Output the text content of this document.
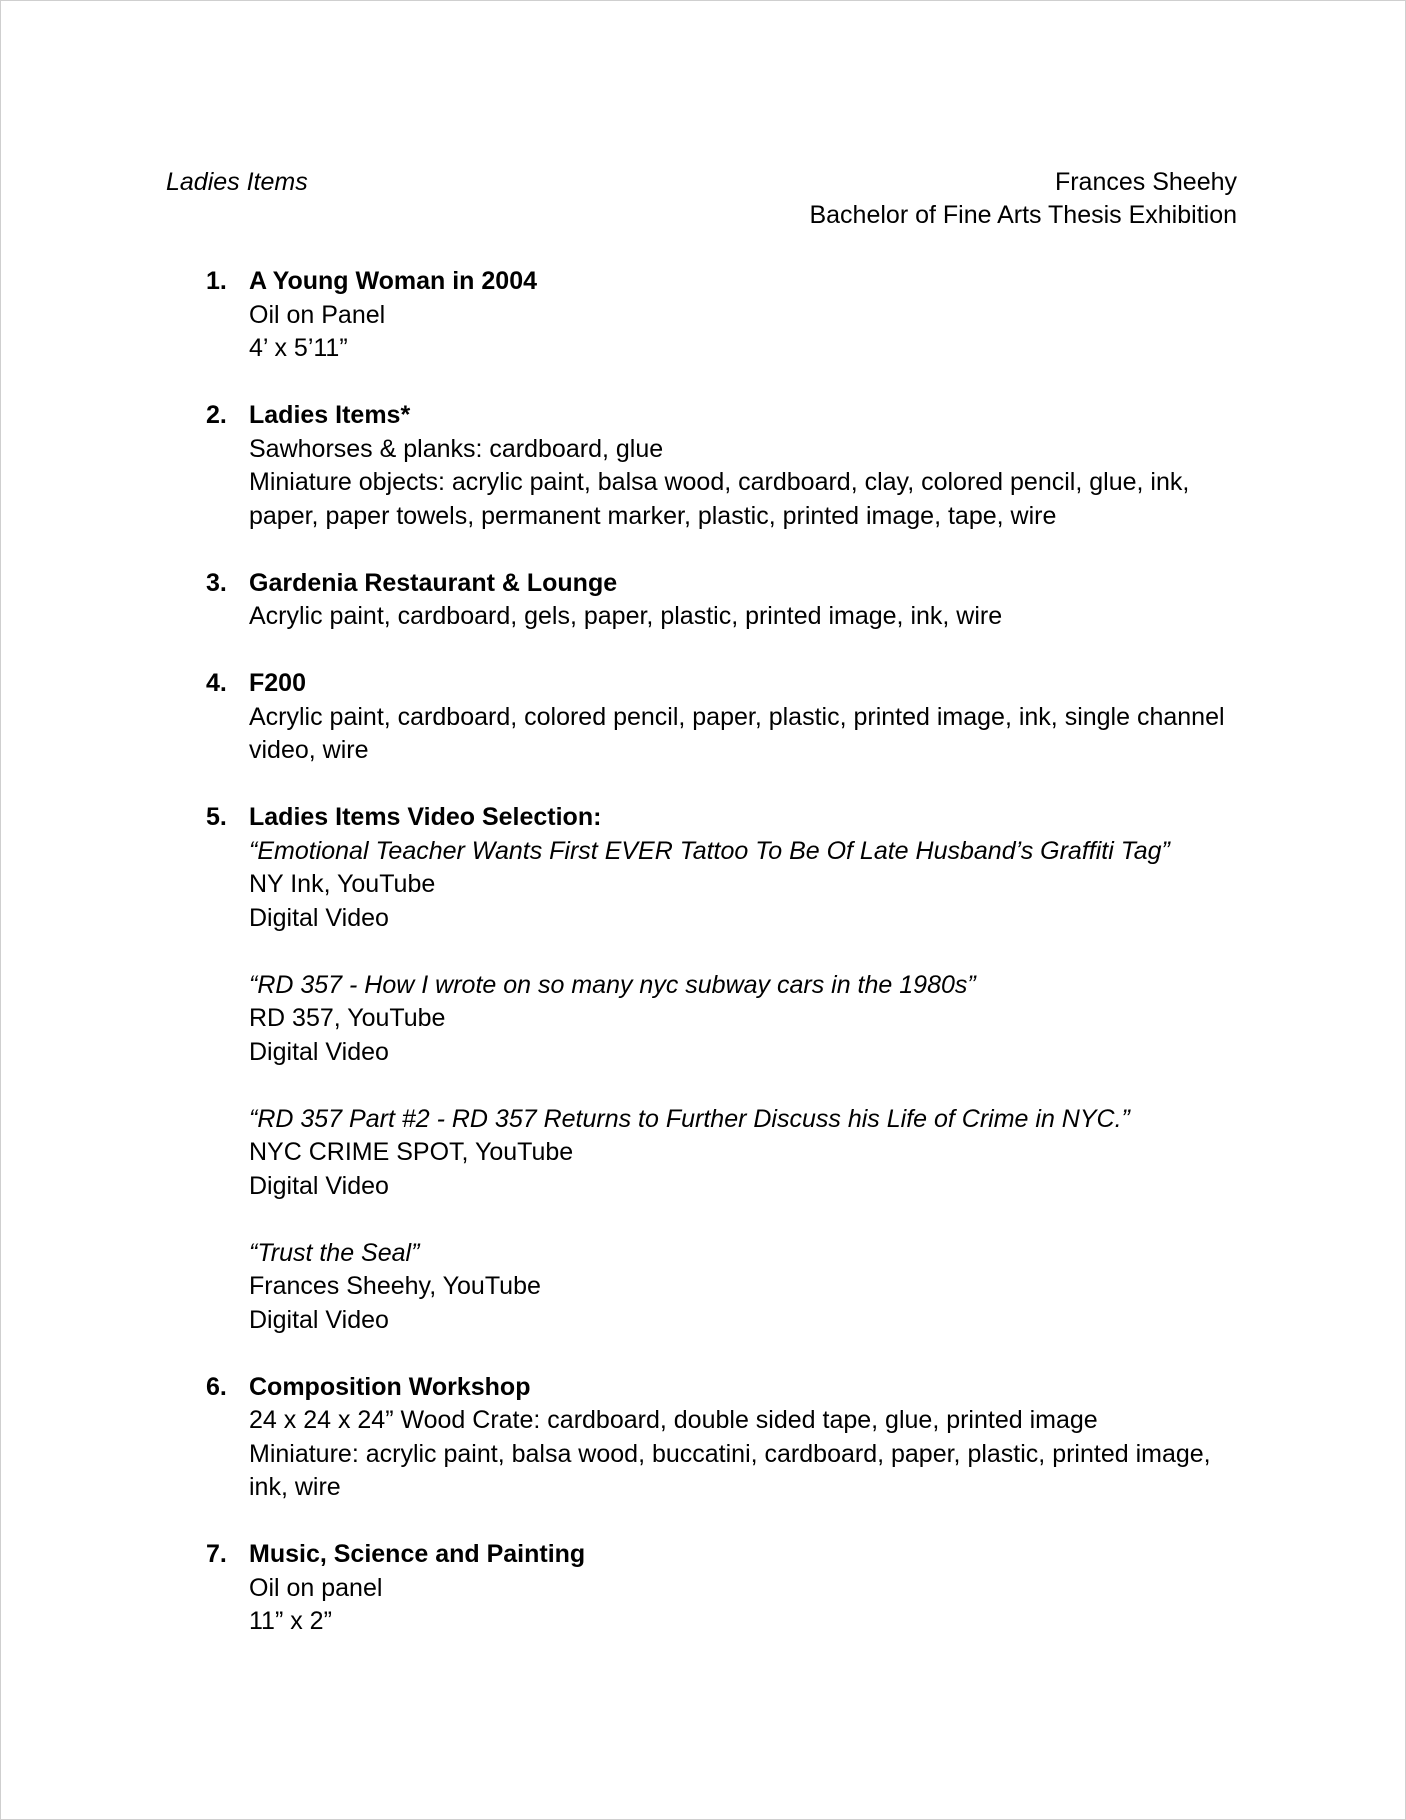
Ladies Items	Frances Sheehy
Bachelor of Fine Arts Thesis Exhibition
1. A Young Woman in 2004
Oil on Panel
4’ x 5’11”
2. Ladies Items*
Sawhorses & planks: cardboard, glue
Miniature objects: acrylic paint, balsa wood, cardboard, clay, colored pencil, glue, ink, paper, paper towels, permanent marker, plastic, printed image, tape, wire
3. Gardenia Restaurant & Lounge
Acrylic paint, cardboard, gels, paper, plastic, printed image, ink, wire
4. F200
Acrylic paint, cardboard, colored pencil, paper, plastic, printed image, ink, single channel video, wire
5. Ladies Items Video Selection:
“Emotional Teacher Wants First EVER Tattoo To Be Of Late Husband’s Graffiti Tag”
NY Ink, YouTube
Digital Video
“RD 357 - How I wrote on so many nyc subway cars in the 1980s”
RD 357, YouTube
Digital Video
“RD 357 Part #2 - RD 357 Returns to Further Discuss his Life of Crime in NYC.”
NYC CRIME SPOT, YouTube
Digital Video
“Trust the Seal”
Frances Sheehy, YouTube
Digital Video
6. Composition Workshop
24 x 24 x 24” Wood Crate: cardboard, double sided tape, glue, printed image
Miniature: acrylic paint, balsa wood, buccatini, cardboard, paper, plastic, printed image, ink, wire
7. Music, Science and Painting
Oil on panel
11” x 2”
